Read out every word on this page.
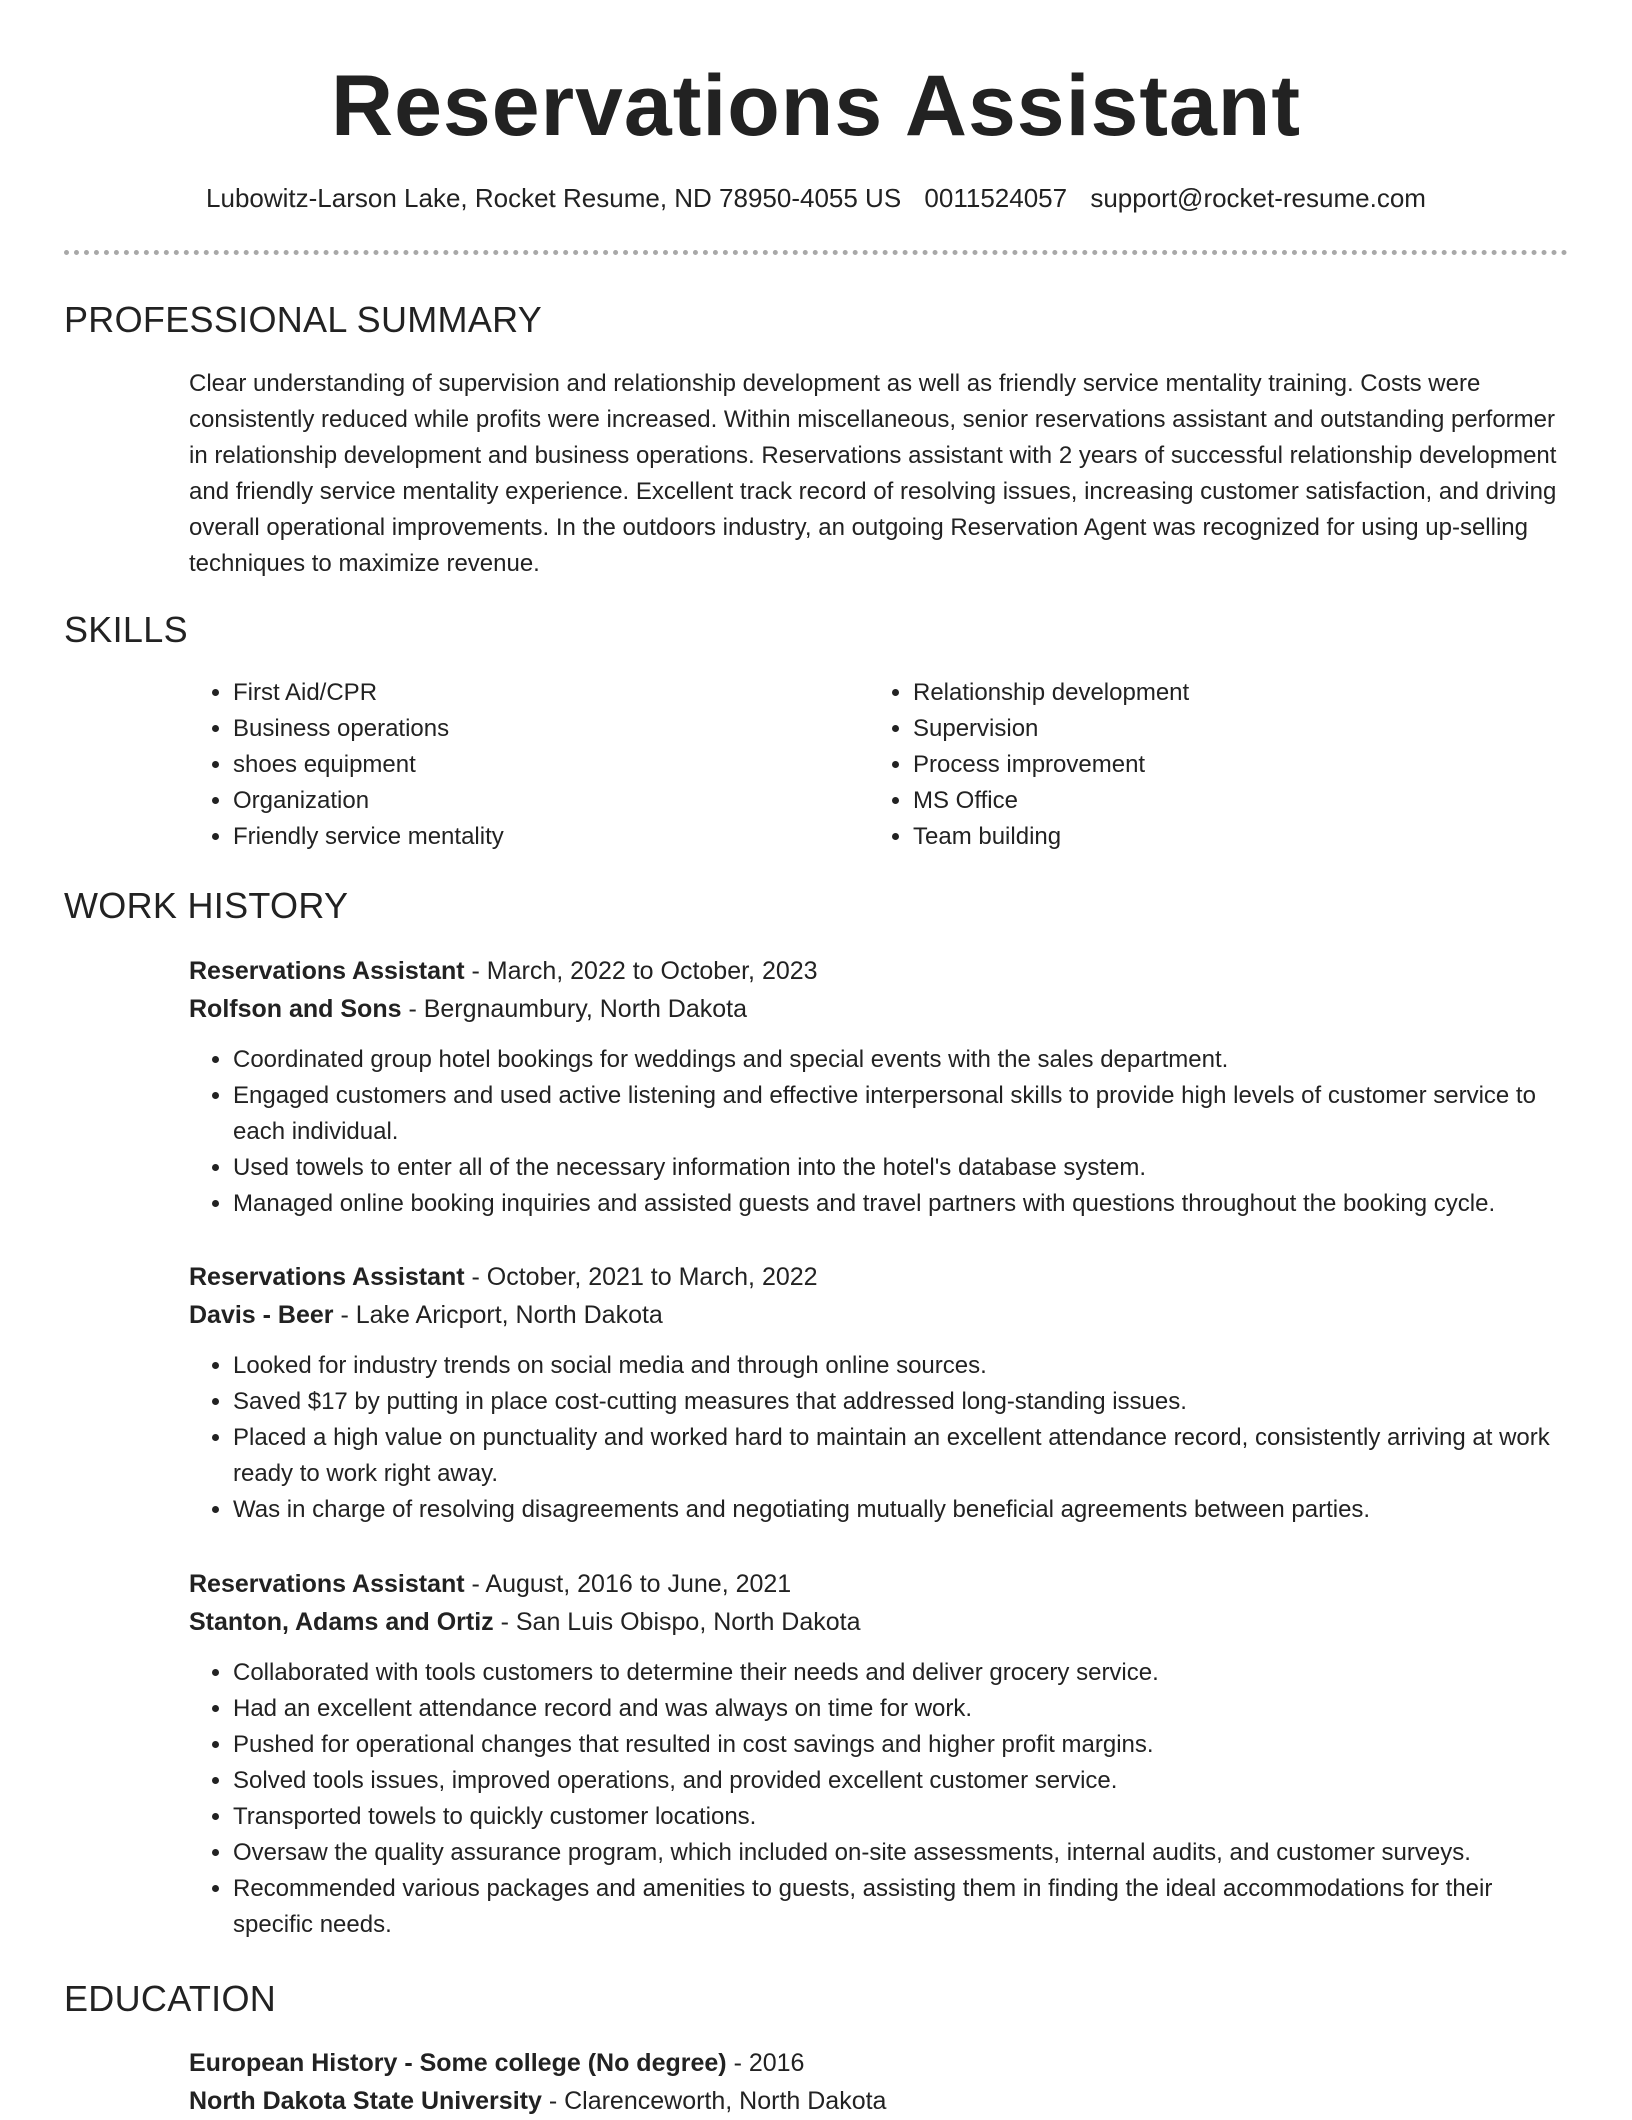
Reservations Assistant
Lubowitz-Larson Lake, Rocket Resume, ND 78950-4055 US 0011524057 support@rocket-resume.com
PROFESSIONAL SUMMARY

Clear understanding of supervision and relationship development as well as friendly service mentality training. Costs were consistently reduced while profits were increased. Within miscellaneous, senior reservations assistant and outstanding performer in relationship development and business operations. Reservations assistant with 2 years of successful relationship development and friendly service mentality experience. Excellent track record of resolving issues, increasing customer satisfaction, and driving overall operational improvements. In the outdoors industry, an outgoing Reservation Agent was recognized for using up-selling techniques to maximize revenue.

SKILLS
• First Aid/CPR
• Business operations
• shoes equipment
• Organization
• Friendly service mentality
• Relationship development
• Supervision
• Process improvement
• MS Office
• Team building
WORK HISTORY

Reservations Assistant - March, 2022 to October, 2023

Rolfson and Sons - Bergnaumbury, North Dakota

• Coordinated group hotel bookings for weddings and special events with the sales department.
• Engaged customers and used active listening and effective interpersonal skills to provide high levels of customer service to each individual.
• Used towels to enter all of the necessary information into the hotel's database system.
• Managed online booking inquiries and assisted guests and travel partners with questions throughout the booking cycle.

Reservations Assistant - October, 2021 to March, 2022

Davis - Beer - Lake Aricport, North Dakota

• Looked for industry trends on social media and through online sources.
• Saved $17 by putting in place cost-cutting measures that addressed long-standing issues.
• Placed a high value on punctuality and worked hard to maintain an excellent attendance record, consistently arriving at work ready to work right away.
• Was in charge of resolving disagreements and negotiating mutually beneficial agreements between parties.

Reservations Assistant - August, 2016 to June, 2021

Stanton, Adams and Ortiz - San Luis Obispo, North Dakota

• Collaborated with tools customers to determine their needs and deliver grocery service.
• Had an excellent attendance record and was always on time for work.
• Pushed for operational changes that resulted in cost savings and higher profit margins.
• Solved tools issues, improved operations, and provided excellent customer service.
• Transported towels to quickly customer locations.
• Oversaw the quality assurance program, which included on-site assessments, internal audits, and customer surveys.
• Recommended various packages and amenities to guests, assisting them in finding the ideal accommodations for their specific needs.
EDUCATION

European History - Some college (No degree) - 2016

North Dakota State University - Clarenceworth, North Dakota
